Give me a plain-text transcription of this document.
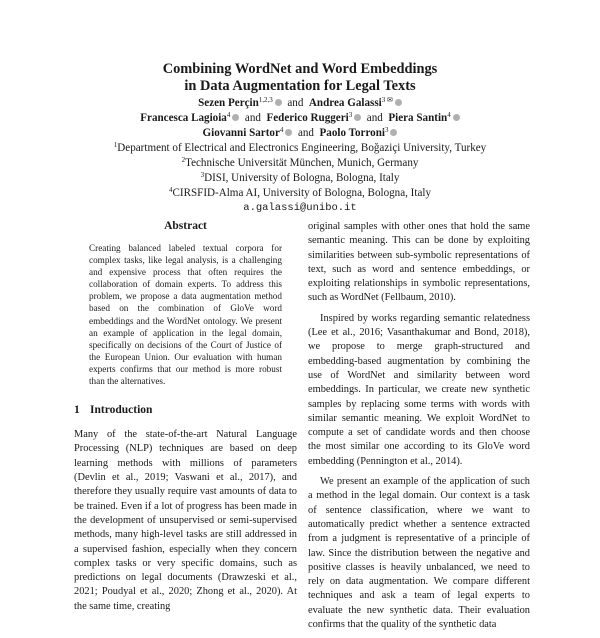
Combining WordNet and Word Embeddings
in Data Augmentation for Legal Texts
Sezen Perçin$^{1,2,3}$ and Andrea Galassi$^{3 ✉}$
Francesca Lagioia$^4$ and Federico Ruggeri$^3$ and Piera Santin$^4$
Giovanni Sartor$^4$ and Paolo Torroni$^3$
$^1$Department of Electrical and Electronics Engineering, Boğaziçi University, Turkey
$^2$Technische Universität München, Munich, Germany
$^3$DISI, University of Bologna, Bologna, Italy
$^4$CIRSFID-Alma AI, University of Bologna, Bologna, Italy
a.galassi@unibo.it
Abstract

Creating balanced labeled textual corpora for complex tasks, like legal analysis, is a challenging and expensive process that often requires the collaboration of domain experts. To address this problem, we propose a data augmentation method based on the combination of GloVe word embeddings and the WordNet ontology. We present an example of application in the legal domain, specifically on decisions of the Court of Justice of the European Union. Our evaluation with human experts confirms that our method is more robust than the alternatives.

1 Introduction

Many of the state-of-the-art Natural Language Processing (NLP) techniques are based on deep learning methods with millions of parameters (Devlin et al., 2019; Vaswani et al., 2017), and therefore they usually require vast amounts of data to be trained. Even if a lot of progress has been made in the development of unsupervised or semi-supervised methods, many high-level tasks are still addressed in a supervised fashion, especially when they concern complex tasks or very specific domains, such as predictions on legal documents (Drawzeski et al., 2021; Poudyal et al., 2020; Zhong et al., 2020). At the same time, creating

original samples with other ones that hold the same semantic meaning. This can be done by exploiting similarities between sub-symbolic representations of text, such as word and sentence embeddings, or exploiting relationships in symbolic representations, such as WordNet (Fellbaum, 2010).

Inspired by works regarding semantic relatedness (Lee et al., 2016; Vasanthakumar and Bond, 2018), we propose to merge graph-structured and embedding-based augmentation by combining the use of WordNet and similarity between word embeddings. In particular, we create new synthetic samples by replacing some terms with words with similar semantic meaning. We exploit WordNet to compute a set of candidate words and then choose the most similar one according to its GloVe word embedding (Pennington et al., 2014).

We present an example of the application of such a method in the legal domain. Our context is a task of sentence classification, where we want to automatically predict whether a sentence extracted from a judgment is representative of a principle of law. Since the distribution between the negative and positive classes is heavily unbalanced, we need to rely on data augmentation. We compare different techniques and ask a team of legal experts to evaluate the new synthetic data. Their evaluation confirms that the quality of the synthetic data
